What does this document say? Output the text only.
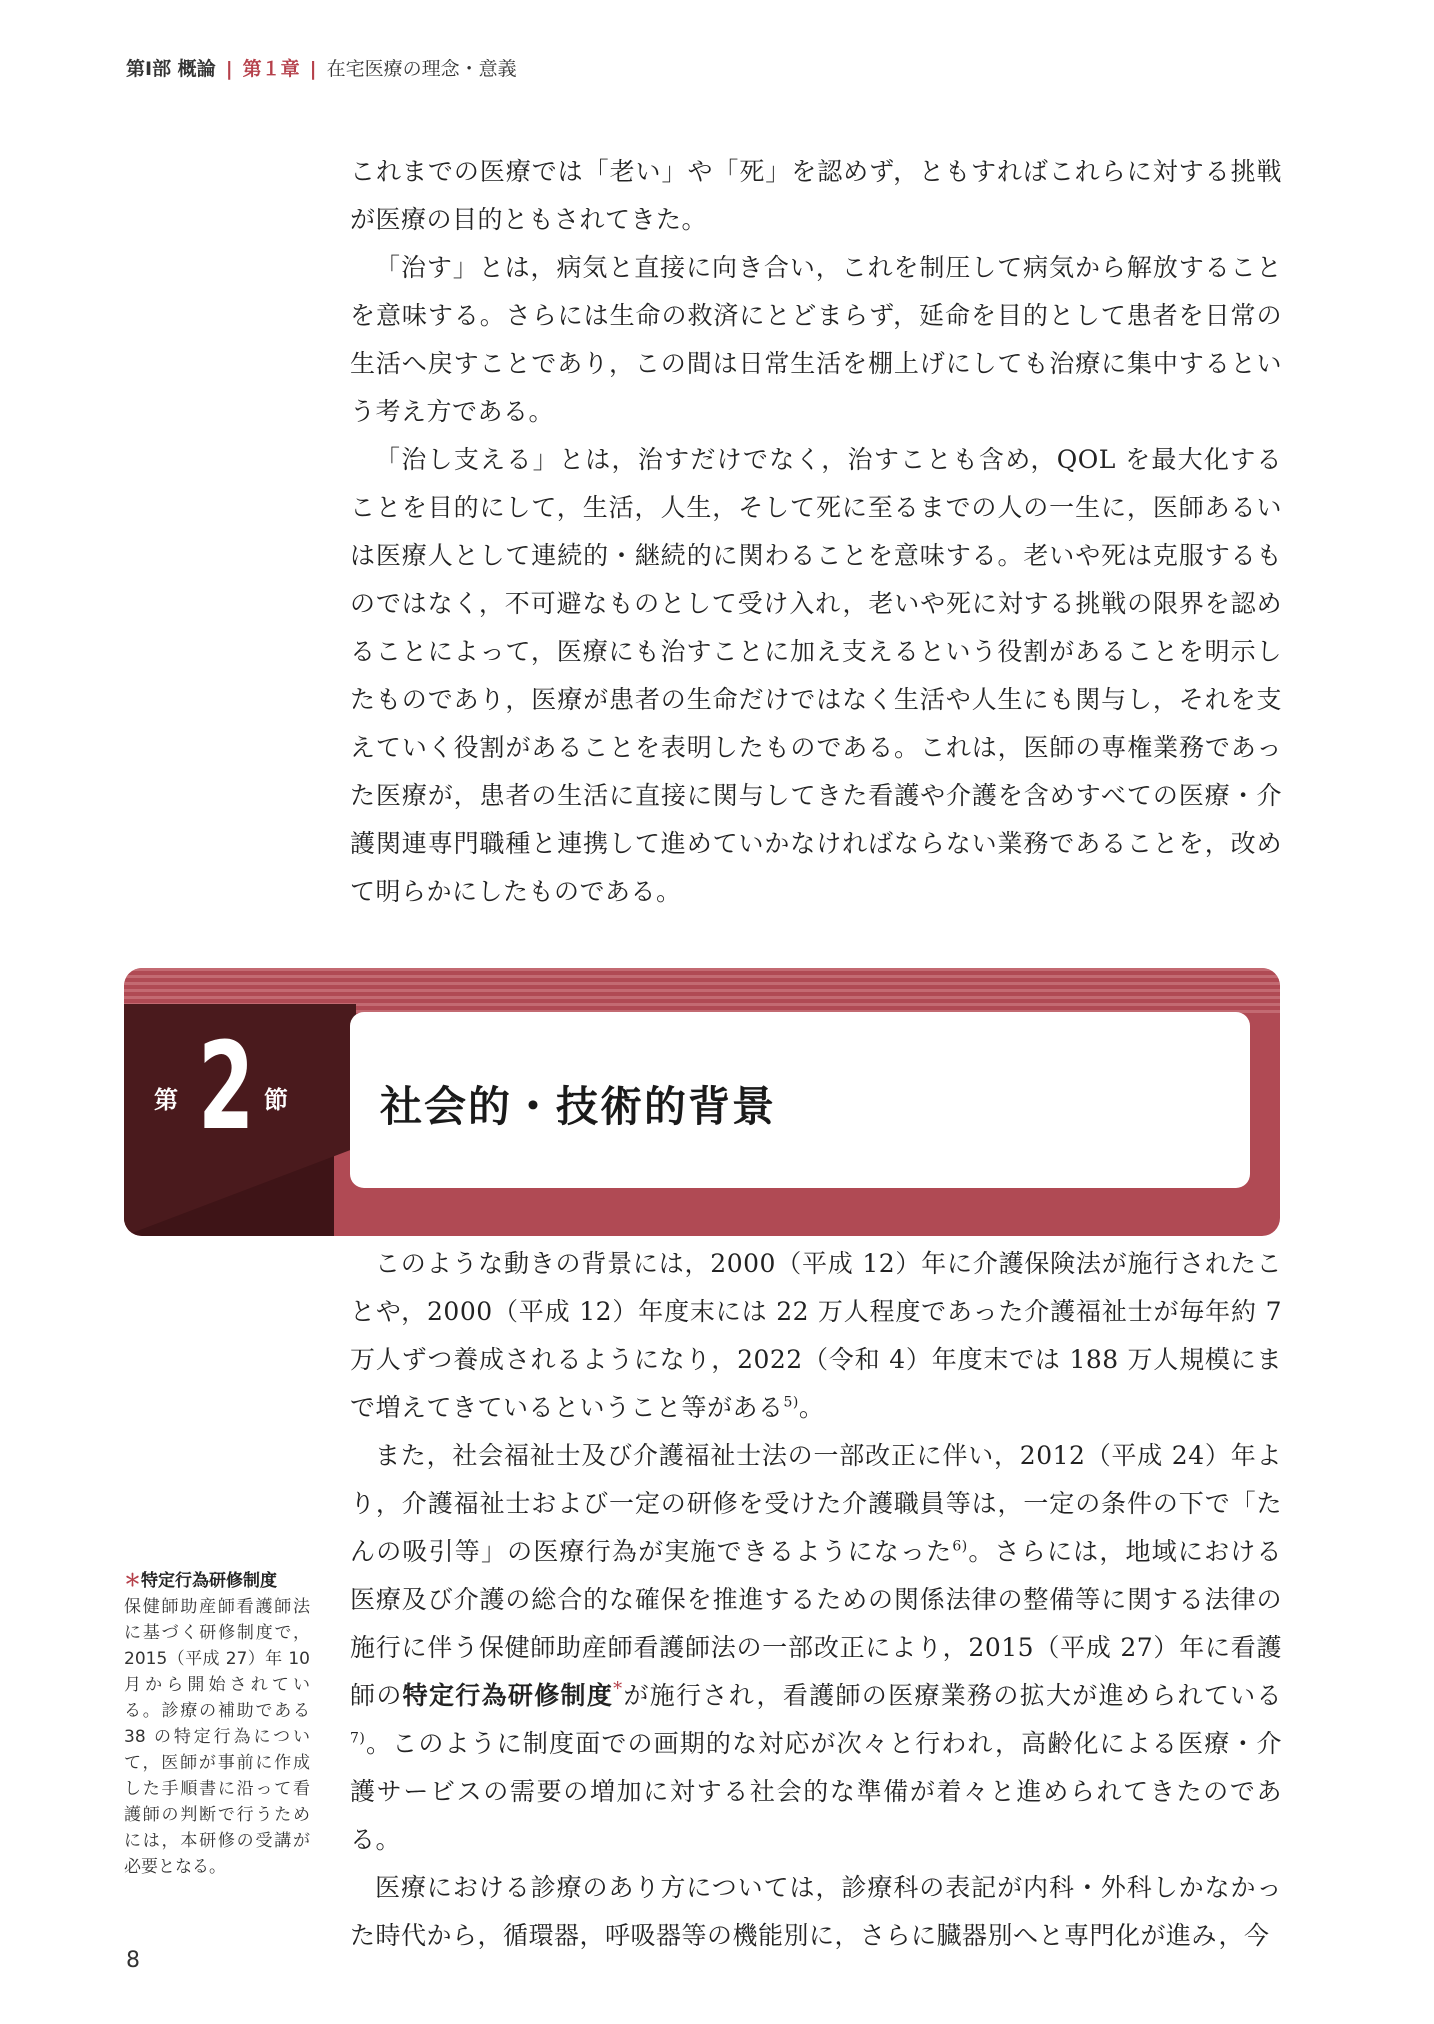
第Ⅰ部 概論 | 第１章 | 在宅医療の理念・意義

これまでの医療では「老い」や「死」を認めず，ともすればこれらに対する挑戦が医療の目的ともされてきた。

「治す」とは，病気と直接に向き合い，これを制圧して病気から解放することを意味する。さらには生命の救済にとどまらず，延命を目的として患者を日常の生活へ戻すことであり，この間は日常生活を棚上げにしても治療に集中するという考え方である。

「治し支える」とは，治すだけでなく，治すことも含め，QOL を最大化することを目的にして，生活，人生，そして死に至るまでの人の一生に，医師あるいは医療人として連続的・継続的に関わることを意味する。老いや死は克服するものではなく，不可避なものとして受け入れ，老いや死に対する挑戦の限界を認めることによって，医療にも治すことに加え支えるという役割があることを明示したものであり，医療が患者の生命だけではなく生活や人生にも関与し，それを支えていく役割があることを表明したものである。これは，医師の専権業務であった医療が，患者の生活に直接に関与してきた看護や介護を含めすべての医療・介護関連専門職種と連携して進めていかなければならない業務であることを，改めて明らかにしたものである。

第 2 節 社会的・技術的背景

このような動きの背景には，2000（平成 12）年に介護保険法が施行されたことや，2000（平成 12）年度末には 22 万人程度であった介護福祉士が毎年約 7 万人ずつ養成されるようになり，2022（令和 4）年度末では 188 万人規模にまで増えてきているということ等がある$^{5)}$。

また，社会福祉士及び介護福祉士法の一部改正に伴い，2012（平成 24）年より，介護福祉士および一定の研修を受けた介護職員等は，一定の条件の下で「たんの吸引等」の医療行為が実施できるようになった$^{6)}$。さらには，地域における医療及び介護の総合的な確保を推進するための関係法律の整備等に関する法律の施行に伴う保健師助産師看護師法の一部改正により，2015（平成 27）年に看護師の特定行為研修制度*が施行され，看護師の医療業務の拡大が進められている$^{7)}$。このように制度面での画期的な対応が次々と行われ，高齢化による医療・介護サービスの需要の増加に対する社会的な準備が着々と進められてきたのである。

医療における診療のあり方については，診療科の表記が内科・外科しかなかった時代から，循環器，呼吸器等の機能別に，さらに臓器別へと専門化が進み，今

＊特定行為研修制度
保健師助産師看護師法に基づく研修制度で，2015（平成 27）年 10 月から開始されている。診療の補助である 38 の特定行為について，医師が事前に作成した手順書に沿って看護師の判断で行うためには，本研修の受講が必要となる。
8
